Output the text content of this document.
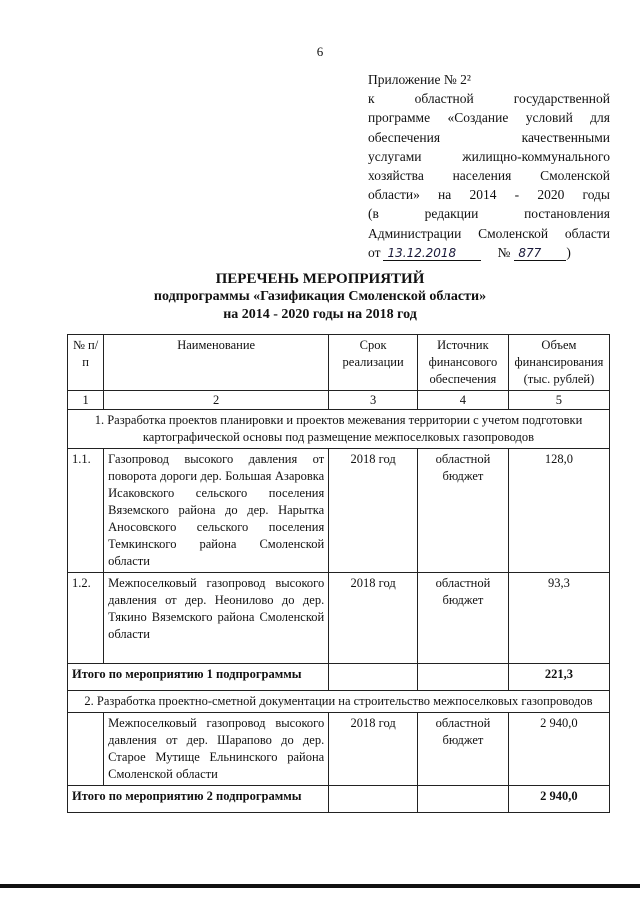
6
Приложение № 2²
к областной государственной
программе «Создание условий для
обеспечения качественными
услугами жилищно-коммунального
хозяйства населения Смоленской
области» на 2014 - 2020 годы
(в редакции постановления
Администрации Смоленской области
от 13.12.2018	№ 877	)
ПЕРЕЧЕНЬ МЕРОПРИЯТИЙ
подпрограммы «Газификация Смоленской области»
на 2014 - 2020 годы на 2018 год
№ п/п	Наименование	Срок реализации	Источник финансового обеспечения	Объем финансирования (тыс. рублей)
1	2	3	4	5
1. Разработка проектов планировки и проектов межевания территории с учетом подготовки картографической основы под размещение межпоселковых газопроводов				
1.1.	Газопровод высокого давления от поворота дороги дер. Большая Азаровка Исаковского сельского поселения Вяземского района до дер. Нарытка Аносовского сельского поселения Темкинского района Смоленской области	2018 год	областной бюджет	128,0
1.2.	Межпоселковый газопровод высокого давления от дер. Неонилово до дер. Тякино Вяземского района Смоленской области	2018 год	областной бюджет	93,3
Итого по мероприятию 1 подпрограммы				221,3
2. Разработка проектно-сметной документации на строительство межпоселковых газопроводов				
	Межпоселковый газопровод высокого давления от дер. Шарапово до дер. Старое Мутище Ельнинского района Смоленской области	2018 год	областной бюджет	2 940,0
Итого по мероприятию 2 подпрограммы				2 940,0
